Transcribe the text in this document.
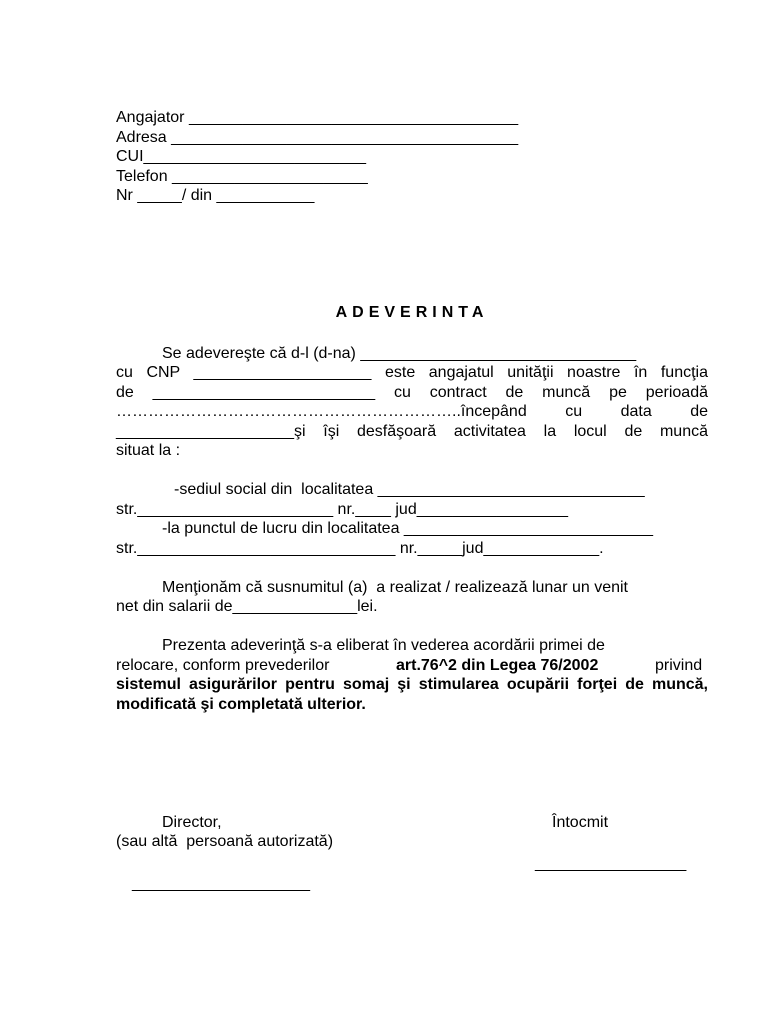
Angajator _____________________________________
Adresa _______________________________________
CUI_________________________
Telefon ______________________
Nr _____/ din ___________
ADEVERINTA
Se adevereşte că d-l (d-na) _______________________________
cu CNP ____________________ este angajatul unităţii noastre în funcţia
de _________________________ cu contract de muncă pe perioadă
………………………………………………………..începând cu data de
____________________şi îşi desfăşoară activitatea la locul de muncă
situat la :
-sediul social din  localitatea ______________________________
str.______________________ nr.____ jud_________________
-la punctul de lucru din localitatea ____________________________
str._____________________________ nr._____jud_____________.
Menţionăm că susnumitul (a)  a realizat / realizează lunar un venit
net din salarii de______________lei.
Prezenta adeverinţă s-a eliberat în vederea acordării primei de
relocare, conform prevederilor	art.76^2 din Legea 76/2002	privind
sistemul asigurărilor pentru somaj şi stimularea ocupării forţei de muncă,
modificată şi completată ulterior.
Director,	Întocmit
(sau altă  persoană autorizată)
_________________
____________________
